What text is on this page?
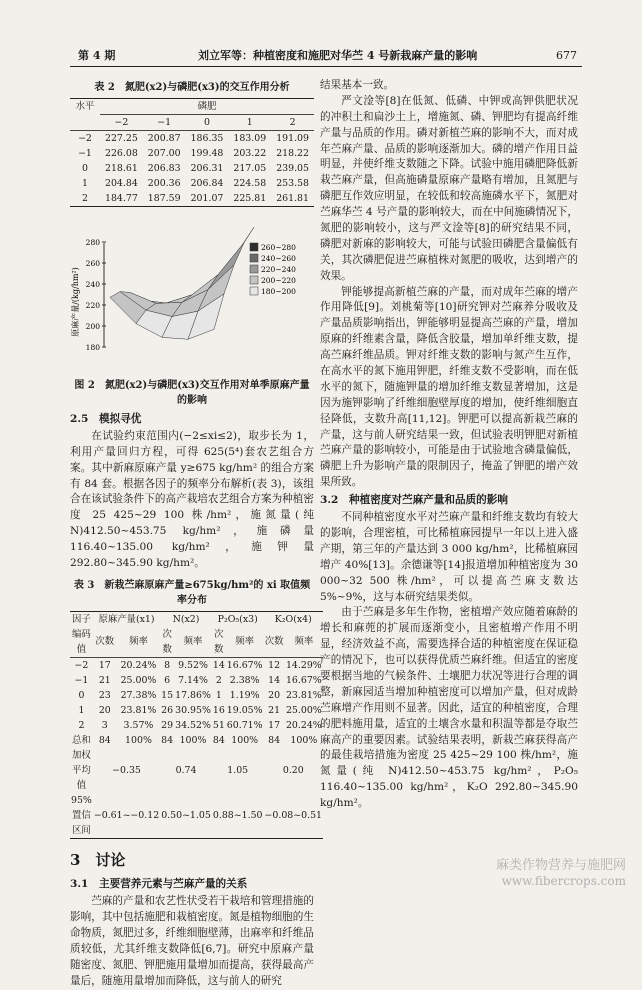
第 4 期	刘立军等：种植密度和施肥对华苎 4 号新栽麻产量的影响	677
表 2　氮肥(x2)与磷肥(x3)的交互作用分析
水平	磷肥				
	−2	−1	0	1	2
−2	227.25	200.87	186.35	183.09	191.09
−1	226.08	207.00	199.48	203.22	218.22
0	218.61	206.83	206.31	217.05	239.05
1	204.84	200.36	206.84	224.58	253.58
2	184.77	187.59	201.07	225.81	261.81
原麻产量/(kg/hm²)
180
200
220
240
260
280
260~280
240~260
220~240
200~220
180~200
图 2　氮肥(x2)与磷肥(x3)交互作用对单季原麻产量的影响

2.5　模拟寻优

在试验约束范围内(−2≤xi≤2)，取步长为 1，利用产量回归方程，可得 625(5⁴)套农艺组合方案。其中新麻原麻产量 y≥675 kg/hm² 的组合方案有 84 套。根据各因子的频率分布解析(表 3)，该组合在该试验条件下的高产栽培农艺组合方案为种植密度 25 425~29 100 株/hm²，施氮量(纯 N)412.50~453.75 kg/hm²，施磷量 116.40~135.00 kg/hm²，施钾量 292.80~345.90 kg/hm²。

表 3　新栽苎麻原麻产量≥675kg/hm²的 xi 取值频率分布
因子	原麻产量(x1)		N(x2)		P₂O₅(x3)		K₂O(x4)	
编码值	次数	频率	次数	频率	次数	频率	次数	频率
−2	17	20.24%	8	9.52%	14	16.67%	12	14.29%
−1	21	25.00%	6	7.14%	2	2.38%	14	16.67%
0	23	27.38%	15	17.86%	1	1.19%	20	23.81%
1	20	23.81%	26	30.95%	16	19.05%	21	25.00%
2	3	3.57%	29	34.52%	51	60.71%	17	20.24%
总和	84	100%	84	100%	84	100%	84	100%
加权平均值	−0.35		0.74		1.05		0.20	
95%置信区间	−0.61~−0.12		0.50~1.05		0.88~1.50		−0.08~0.51	
3　讨论

3.1　主要营养元素与苎麻产量的关系

苎麻的产量和农艺性状受若干栽培和管理措施的影响，其中包括施肥和栽植密度。氮是植物细胞的生命物质，氮肥过多，纤维细胞壁薄，出麻率和纤维品质较低，尤其纤维支数降低[6,7]。研究中原麻产量随密度、氮肥、钾肥施用量增加而提高，获得最高产量后，随施用量增加而降低，这与前人的研究

结果基本一致。

严文淦等[8]在低氮、低磷、中钾或高钾供肥状况的冲积土和扁沙土上，增施氮、磷、钾肥均有提高纤维产量与品质的作用。磷对新植苎麻的影响不大，而对成年苎麻产量、品质的影响逐渐加大。磷的增产作用日益明显，并使纤维支数随之下降。试验中施用磷肥降低新栽苎麻产量，但高施磷量原麻产量略有增加，且氮肥与磷肥互作效应明显，在较低和较高施磷水平下，氮肥对苎麻华苎 4 号产量的影响较大，而在中间施磷情况下，氮肥的影响较小，这与严文淦等[8]的研究结果不同，磷肥对新麻的影响较大，可能与试验田磷肥含量偏低有关，其次磷肥促进苎麻植株对氮肥的吸收，达到增产的效果。

钾能够提高新植苎麻的产量，而对成年苎麻的增产作用降低[9]。刘桃菊等[10]研究钾对苎麻养分吸收及产量品质影响指出，钾能够明显提高苎麻的产量，增加原麻的纤维素含量，降低含胶量，增加单纤维支数，提高苎麻纤维品质。钾对纤维支数的影响与氮产生互作，在高水平的氮下施用钾肥，纤维支数不受影响，而在低水平的氮下，随施钾量的增加纤维支数显著增加，这是因为施钾影响了纤维细胞壁厚度的增加，使纤维细胞直径降低，支数升高[11,12]。钾肥可以提高新栽苎麻的产量，这与前人研究结果一致，但试验表明钾肥对新植苎麻产量的影响较小，可能是由于试验地含磷量偏低，磷肥上升为影响产量的限制因子，掩盖了钾肥的增产效果所致。

3.2　种植密度对苎麻产量和品质的影响

不同种植密度水平对苎麻产量和纤维支数均有较大的影响，合理密植，可比稀植麻园提早一年以上进入盛产期，第三年的产量达到 3 000 kg/hm²，比稀植麻园增产 40%[13]。余德谦等[14]报道增加种植密度为 30 000~32 500 株/hm²，可以提高苎麻支数达 5%~9%，这与本研究结果类似。

由于苎麻是多年生作物，密植增产效应随着麻龄的增长和麻蔸的扩展而逐渐变小，且密植增产作用不明显，经济效益不高，需要选择合适的种植密度在保证稳产的情况下，也可以获得优质苎麻纤维。但适宜的密度要根据当地的气候条件、土壤肥力状况等进行合理的调整，新麻园适当增加种植密度可以增加产量，但对成龄苎麻增产作用则不显著。因此，适宜的种植密度，合理的肥料施用量，适宜的土壤含水量和积温等都是夺取苎麻高产的重要因素。试验结果表明，新栽苎麻获得高产的最佳栽培措施为密度 25 425~29 100 株/hm²，施氮量(纯 N)412.50~453.75 kg/hm²，P₂O₅ 116.40~135.00 kg/hm²，K₂O 292.80~345.90 kg/hm²。

麻类作物营养与施肥网
www.fibercrops.com
